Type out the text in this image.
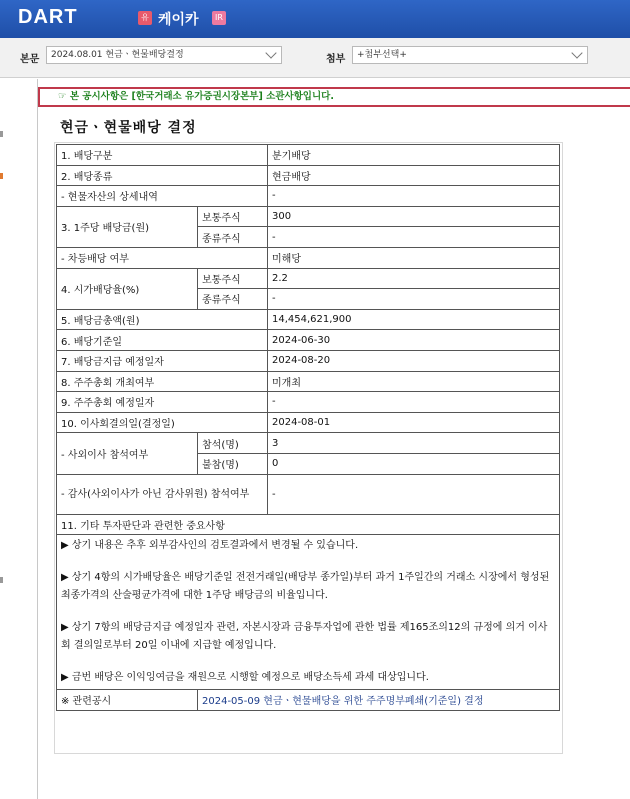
DART	유 케이카	IR
본문	2024.08.01 현금ㆍ현물배당결정	첨부	+첨부선택+
☞ 본 공시사항은 [한국거래소 유가증권시장본부] 소관사항입니다.
현금ㆍ현물배당 결정
1. 배당구분		분기배당
2. 배당종류		현금배당
- 현물자산의 상세내역		-
3. 1주당 배당금(원)	보통주식	300
	종류주식	-
- 차등배당 여부		미해당
4. 시가배당율(%)	보통주식	2.2
	종류주식	-
5. 배당금총액(원)		14,454,621,900
6. 배당기준일		2024-06-30
7. 배당금지급 예정일자		2024-08-20
8. 주주총회 개최여부		미개최
9. 주주총회 예정일자		-
10. 이사회결의일(결정일)		2024-08-01
- 사외이사 참석여부	참석(명)	3
	불참(명)	0
- 감사(사외이사가 아닌 감사위원) 참석여부		-
11. 기타 투자판단과 관련한 중요사항		

▶ 상기 내용은 추후 외부감사인의 검토결과에서 변경될 수 있습니다.
▶ 상기 4항의 시가배당율은 배당기준일 전전거래일(배당부 종가일)부터 과거 1주일간의 거래소 시장에서 형성된 최종가격의 산술평균가격에 대한 1주당 배당금의 비율입니다.
▶ 상기 7항의 배당금지급 예정일자 관련, 자본시장과 금융투자업에 관한 법률 제165조의12의 규정에 의거 이사회 결의일로부터 20일 이내에 지급할 예정입니다.
▶ 금번 배당은 이익잉여금을 재원으로 시행할 예정으로 배당소득세 과세 대상입니다.		

※ 관련공시	2024-05-09 현금ㆍ현물배당을 위한 주주명부폐쇄(기준일) 결정	
